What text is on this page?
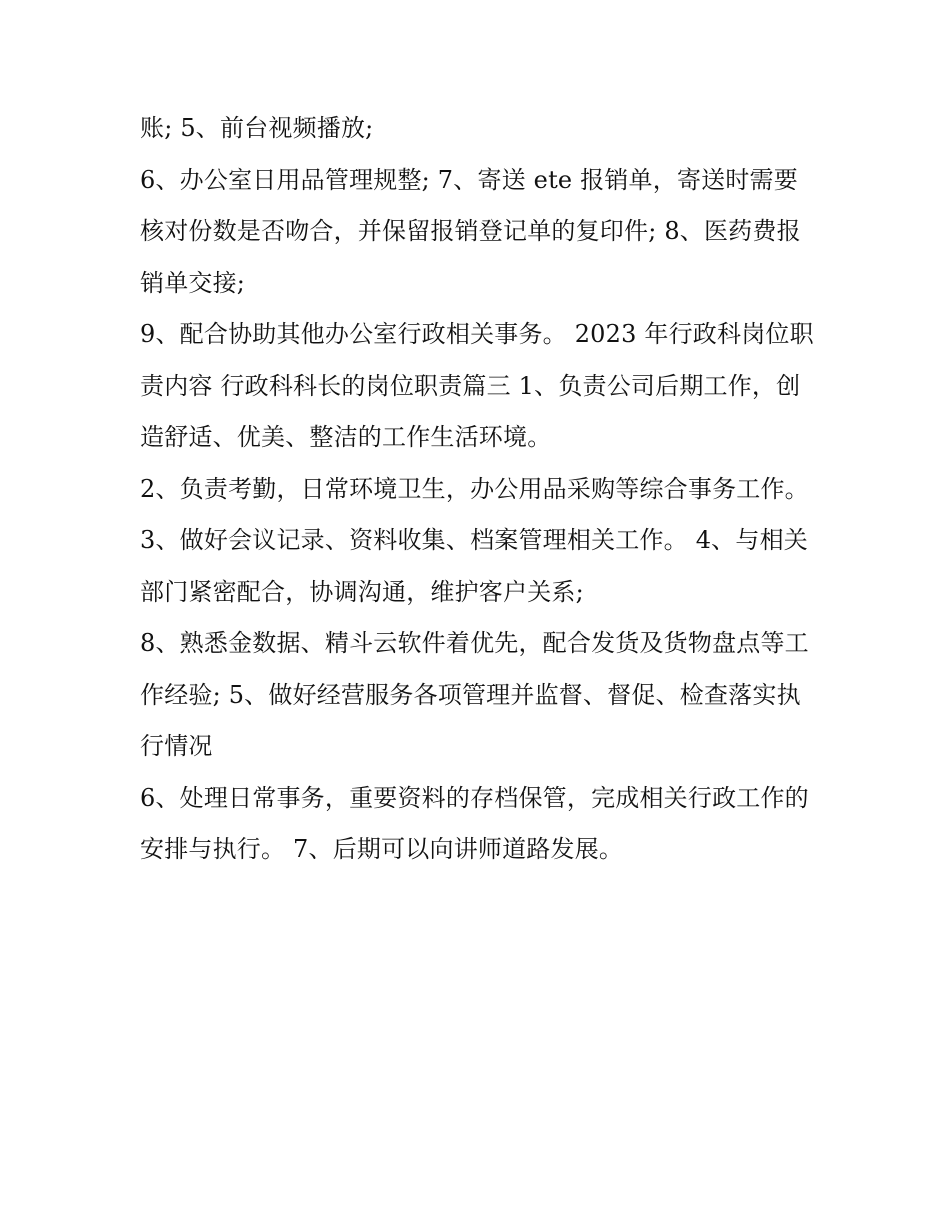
账; 5、前台视频播放;

6、办公室日用品管理规整; 7、寄送 ete 报销单，寄送时需要核对份数是否吻合，并保留报销登记单的复印件; 8、医药费报销单交接;

9、配合协助其他办公室行政相关事务。 2023 年行政科岗位职责内容 行政科科长的岗位职责篇三 1、负责公司后期工作，创造舒适、优美、整洁的工作生活环境。

2、负责考勤，日常环境卫生，办公用品采购等综合事务工作。 3、做好会议记录、资料收集、档案管理相关工作。 4、与相关部门紧密配合，协调沟通，维护客户关系;

8、熟悉金数据、精斗云软件着优先，配合发货及货物盘点等工作经验; 5、做好经营服务各项管理并监督、督促、检查落实执行情况

6、处理日常事务，重要资料的存档保管，完成相关行政工作的安排与执行。 7、后期可以向讲师道路发展。
